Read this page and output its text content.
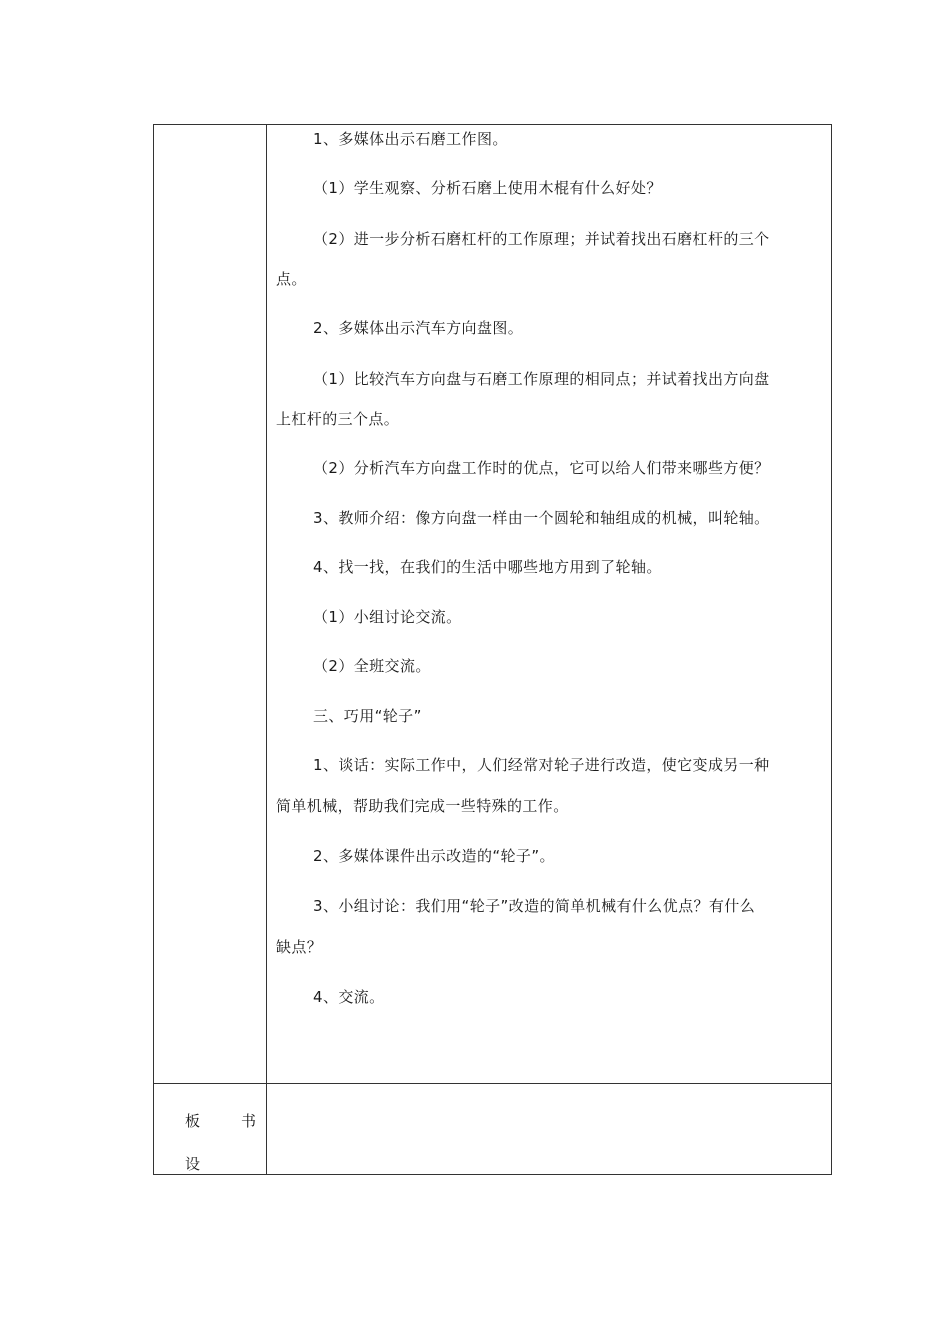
1、多媒体出示石磨工作图。
（1）学生观察、分析石磨上使用木棍有什么好处？
（2）进一步分析石磨杠杆的工作原理；并试着找出石磨杠杆的三个
点。
2、多媒体出示汽车方向盘图。
（1）比较汽车方向盘与石磨工作原理的相同点；并试着找出方向盘
上杠杆的三个点。
（2）分析汽车方向盘工作时的优点，它可以给人们带来哪些方便？
3、教师介绍：像方向盘一样由一个圆轮和轴组成的机械，叫轮轴。
4、找一找，在我们的生活中哪些地方用到了轮轴。
（1）小组讨论交流。
（2）全班交流。
三、巧用“轮子”
1、谈话：实际工作中，人们经常对轮子进行改造，使它变成另一种
简单机械，帮助我们完成一些特殊的工作。
2、多媒体课件出示改造的“轮子”。
3、小组讨论：我们用“轮子”改造的简单机械有什么优点？有什么
缺点？
4、交流。
板	书
设
